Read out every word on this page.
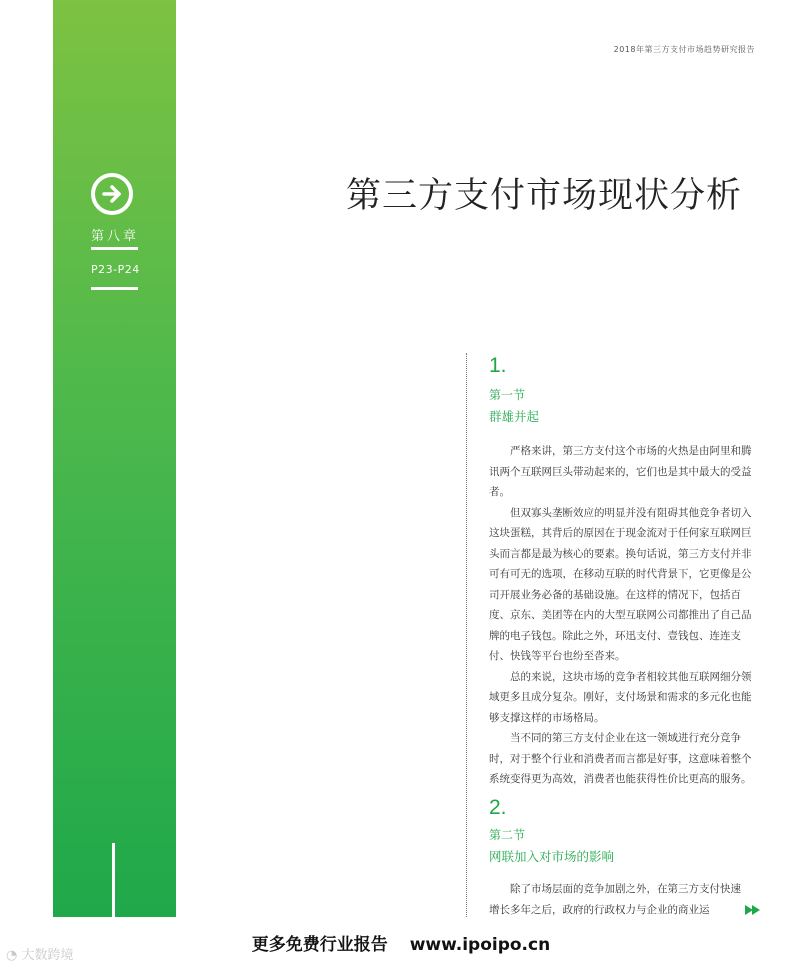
第八章
P23-P24
2018年第三方支付市场趋势研究报告
第三方支付市场现状分析
1.
第一节
群雄并起

严格来讲，第三方支付这个市场的火热是由阿里和腾讯两个互联网巨头带动起来的，它们也是其中最大的受益者。

但双寡头垄断效应的明显并没有阻碍其他竞争者切入这块蛋糕，其背后的原因在于现金流对于任何家互联网巨头而言都是最为核心的要素。换句话说，第三方支付并非可有可无的选项，在移动互联的时代背景下，它更像是公司开展业务必备的基础设施。在这样的情况下，包括百度、京东、美团等在内的大型互联网公司都推出了自己品牌的电子钱包。除此之外，环迅支付、壹钱包、连连支付、快钱等平台也纷至沓来。

总的来说，这块市场的竞争者相较其他互联网细分领域更多且成分复杂。刚好，支付场景和需求的多元化也能够支撑这样的市场格局。

当不同的第三方支付企业在这一领域进行充分竞争时，对于整个行业和消费者而言都是好事，这意味着整个系统变得更为高效，消费者也能获得性价比更高的服务。

2.
第二节
网联加入对市场的影响

除了市场层面的竞争加剧之外，在第三方支付快速增长多年之后，政府的行政权力与企业的商业运

更多免费行业报告 www.ipoipo.cn
◔ 大数跨境
